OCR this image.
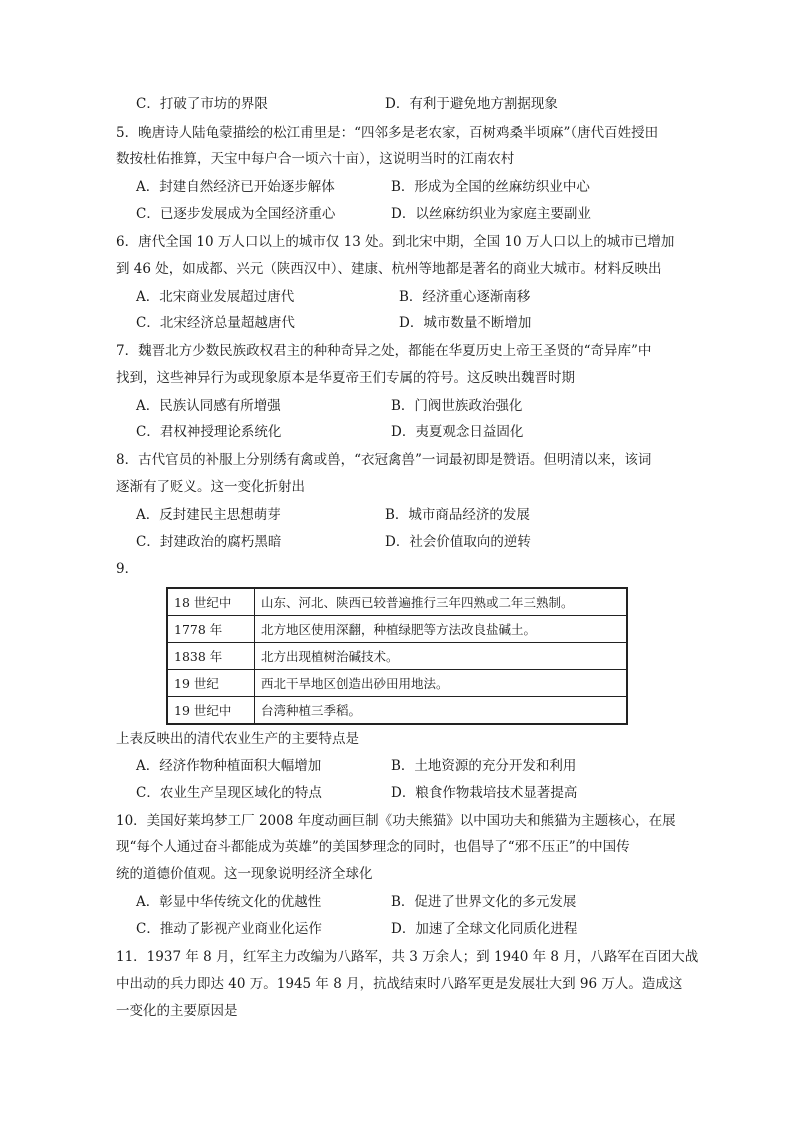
C．打破了市坊的界限	D．有利于避免地方割据现象
5．晚唐诗人陆龟蒙描绘的松江甫里是：“四邻多是老农家，百树鸡桑半顷麻”（唐代百姓授田
数按杜佑推算，天宝中每户合一顷六十亩），这说明当时的江南农村
A．封建自然经济已开始逐步解体	B．形成为全国的丝麻纺织业中心
C．已逐步发展成为全国经济重心	D．以丝麻纺织业为家庭主要副业
6．唐代全国 10 万人口以上的城市仅 13 处。到北宋中期，全国 10 万人口以上的城市已增加
到 46 处，如成都、兴元（陕西汉中）、建康、杭州等地都是著名的商业大城市。材料反映出
A．北宋商业发展超过唐代	B．经济重心逐渐南移
C．北宋经济总量超越唐代	D．城市数量不断增加
7．魏晋北方少数民族政权君主的种种奇异之处，都能在华夏历史上帝王圣贤的“奇异库”中
找到，这些神异行为或现象原本是华夏帝王们专属的符号。这反映出魏晋时期
A．民族认同感有所增强	B．门阀世族政治强化
C．君权神授理论系统化	D．夷夏观念日益固化
8．古代官员的补服上分别绣有禽或兽，“衣冠禽兽”一词最初即是赞语。但明清以来，该词
逐渐有了贬义。这一变化折射出
A．反封建民主思想萌芽	B．城市商品经济的发展
C．封建政治的腐朽黑暗	D．社会价值取向的逆转
9．
18 世纪中	山东、河北、陕西已较普遍推行三年四熟或二年三熟制。
1778 年	北方地区使用深翻，种植绿肥等方法改良盐碱土。
1838 年	北方出现植树治碱技术。
19 世纪	西北干旱地区创造出砂田用地法。
19 世纪中	台湾种植三季稻。
上表反映出的清代农业生产的主要特点是
A．经济作物种植面积大幅增加	B．土地资源的充分开发和利用
C．农业生产呈现区域化的特点	D．粮食作物栽培技术显著提高
10．美国好莱坞梦工厂 2008 年度动画巨制《功夫熊猫》以中国功夫和熊猫为主题核心，在展
现“每个人通过奋斗都能成为英雄”的美国梦理念的同时，也倡导了“邪不压正”的中国传
统的道德价值观。这一现象说明经济全球化
A．彰显中华传统文化的优越性	B．促进了世界文化的多元发展
C．推动了影视产业商业化运作	D．加速了全球文化同质化进程
11．1937 年 8 月，红军主力改编为八路军，共 3 万余人；到 1940 年 8 月，八路军在百团大战
中出动的兵力即达 40 万。1945 年 8 月，抗战结束时八路军更是发展壮大到 96 万人。造成这
一变化的主要原因是
